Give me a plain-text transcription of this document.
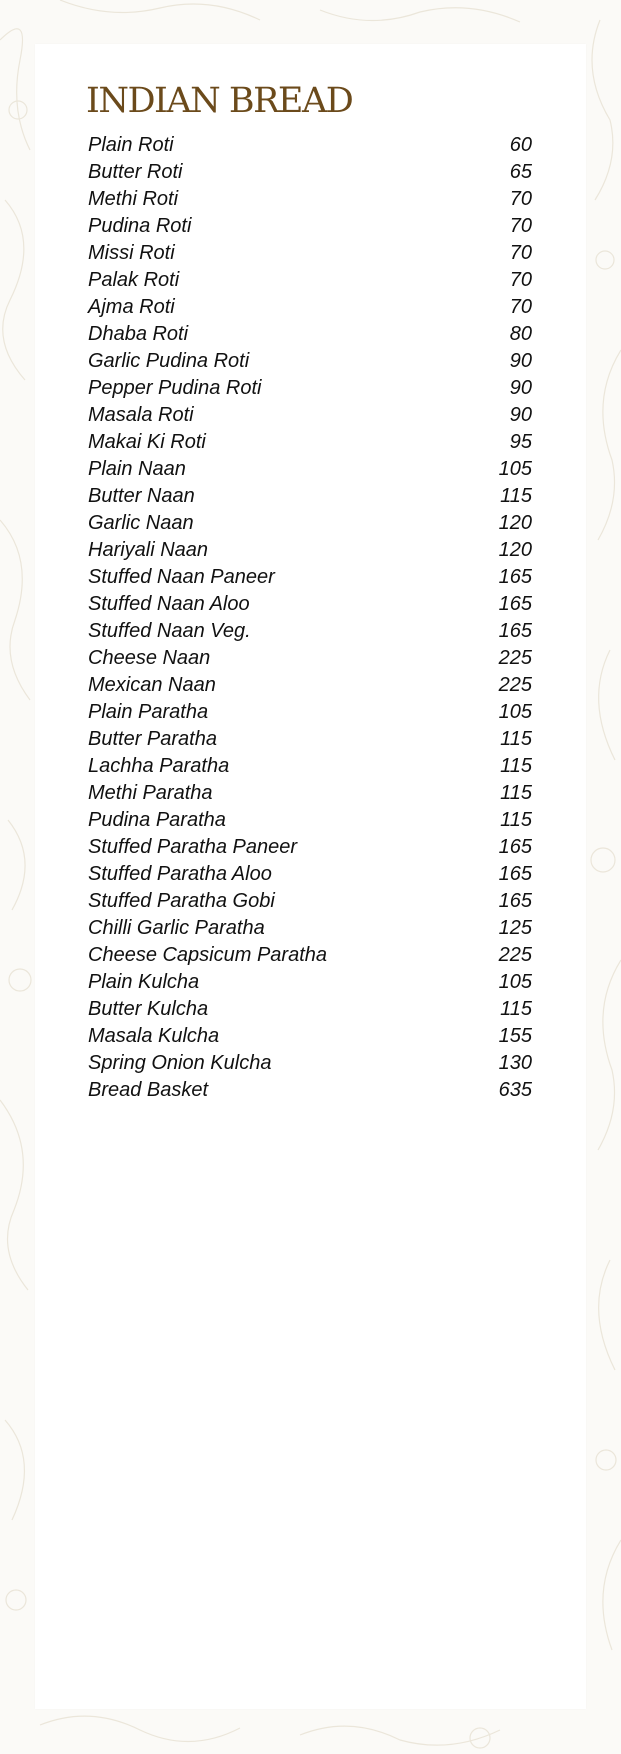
INDIAN BREAD
Plain Roti	60
Butter Roti	65
Methi Roti	70
Pudina Roti	70
Missi Roti	70
Palak Roti	70
Ajma Roti	70
Dhaba Roti	80
Garlic Pudina Roti	90
Pepper Pudina Roti	90
Masala Roti	90
Makai Ki Roti	95
Plain Naan	105
Butter Naan	115
Garlic Naan	120
Hariyali Naan	120
Stuffed Naan Paneer	165
Stuffed Naan Aloo	165
Stuffed Naan Veg.	165
Cheese Naan	225
Mexican Naan	225
Plain Paratha	105
Butter Paratha	115
Lachha Paratha	115
Methi Paratha	115
Pudina Paratha	115
Stuffed Paratha Paneer	165
Stuffed Paratha Aloo	165
Stuffed Paratha Gobi	165
Chilli Garlic Paratha	125
Cheese Capsicum Paratha	225
Plain Kulcha	105
Butter Kulcha	115
Masala Kulcha	155
Spring Onion Kulcha	130
Bread Basket	635
